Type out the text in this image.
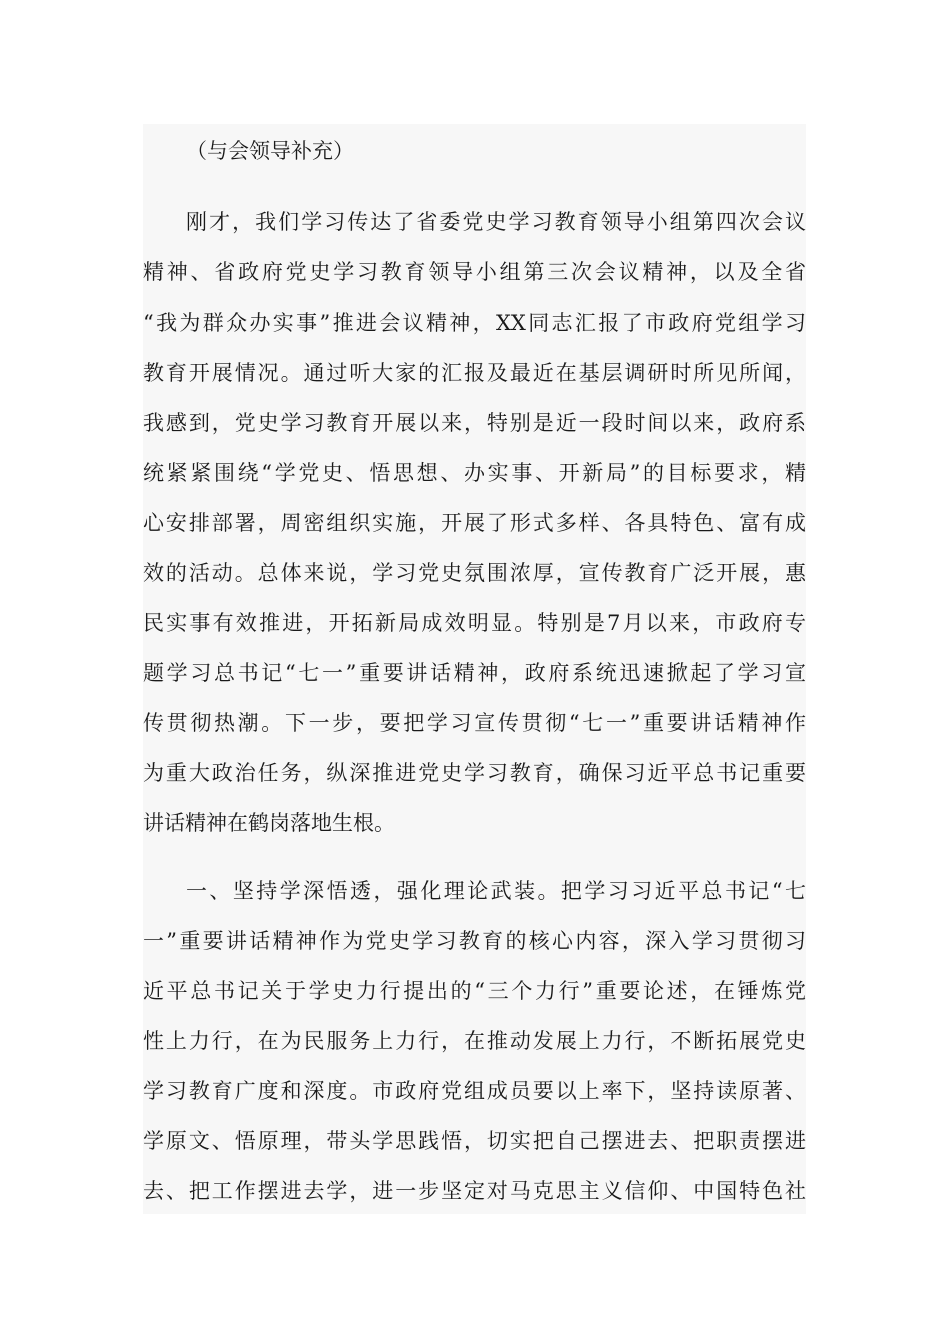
（与会领导补充）

刚才，我们学习传达了省委党史学习教育领导小组第四次会议

精神、省政府党史学习教育领导小组第三次会议精神，以及全省

“我为群众办实事”推进会议精神，XX同志汇报了市政府党组学习

教育开展情况。通过听大家的汇报及最近在基层调研时所见所闻，

我感到，党史学习教育开展以来，特别是近一段时间以来，政府系

统紧紧围绕“学党史、悟思想、办实事、开新局”的目标要求，精

心安排部署，周密组织实施，开展了形式多样、各具特色、富有成

效的活动。总体来说，学习党史氛围浓厚，宣传教育广泛开展，惠

民实事有效推进，开拓新局成效明显。特别是7月以来，市政府专

题学习总书记“七一”重要讲话精神，政府系统迅速掀起了学习宣

传贯彻热潮。下一步，要把学习宣传贯彻“七一”重要讲话精神作

为重大政治任务，纵深推进党史学习教育，确保习近平总书记重要

讲话精神在鹤岗落地生根。

一、坚持学深悟透，强化理论武装。把学习习近平总书记“七

一”重要讲话精神作为党史学习教育的核心内容，深入学习贯彻习

近平总书记关于学史力行提出的“三个力行”重要论述，在锤炼党

性上力行，在为民服务上力行，在推动发展上力行，不断拓展党史

学习教育广度和深度。市政府党组成员要以上率下，坚持读原著、

学原文、悟原理，带头学思践悟，切实把自己摆进去、把职责摆进

去、把工作摆进去学，进一步坚定对马克思主义信仰、中国特色社
